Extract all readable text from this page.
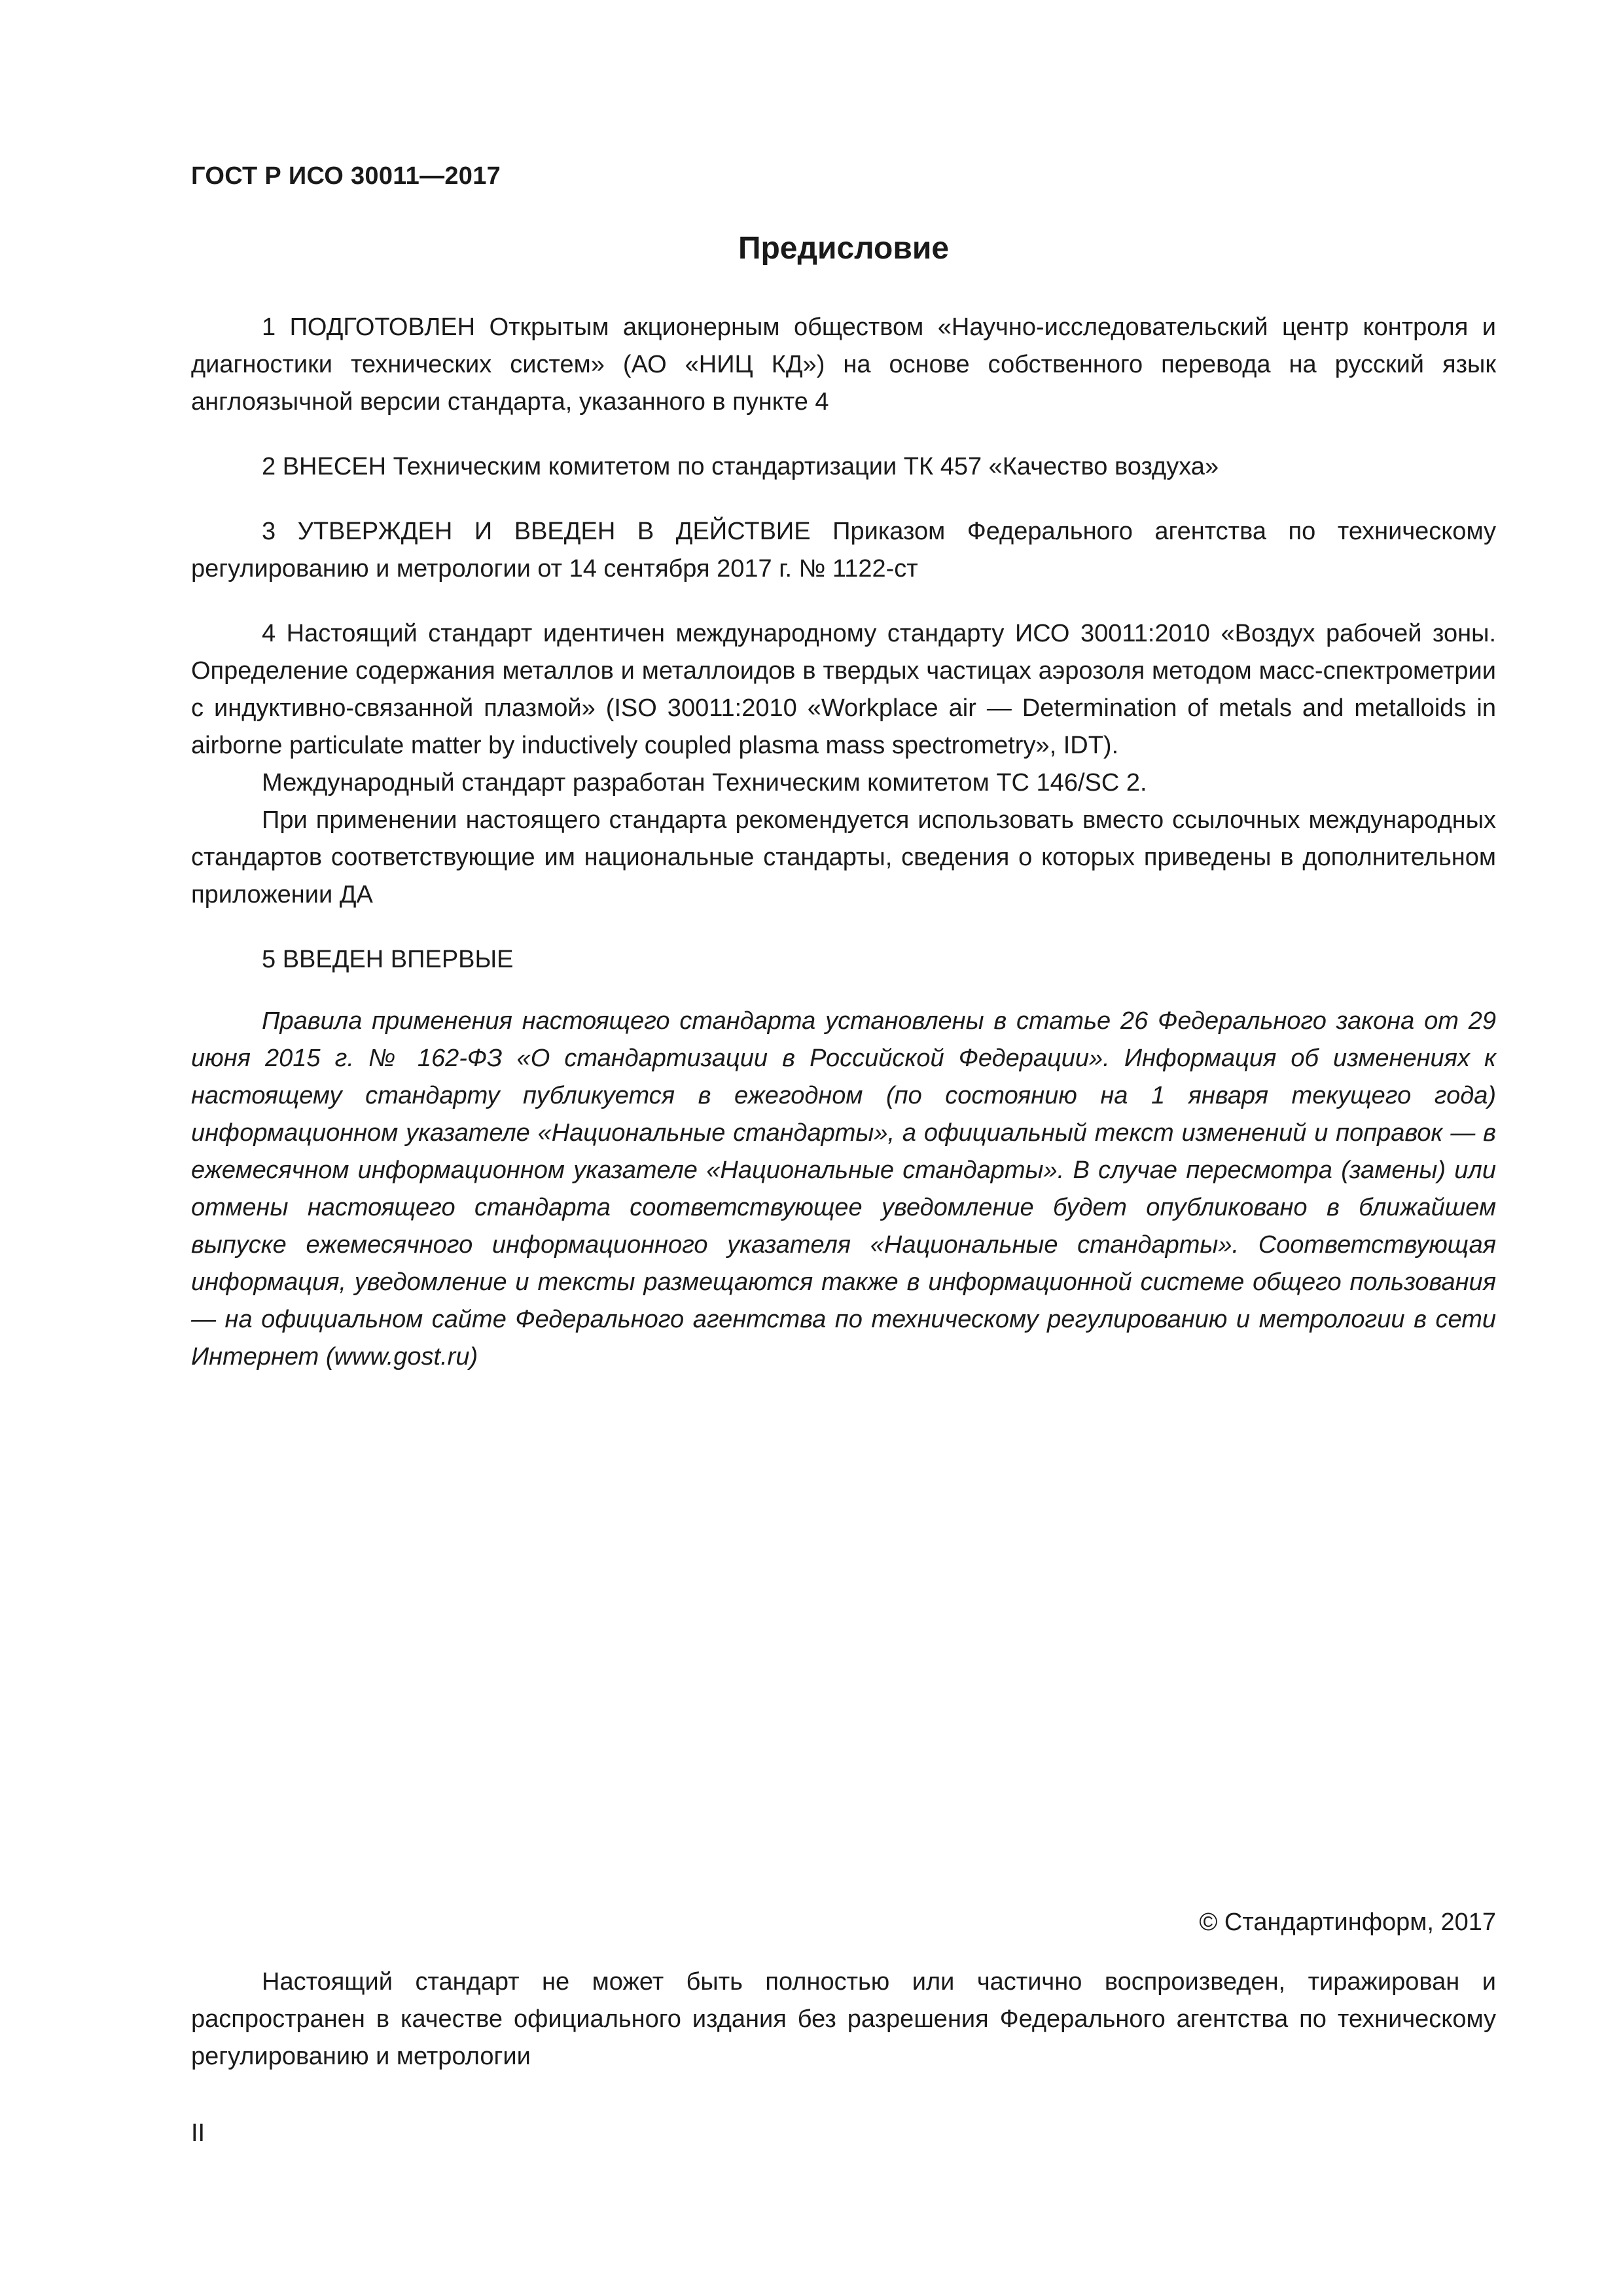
ГОСТ Р ИСО 30011—2017
Предисловие

1 ПОДГОТОВЛЕН Открытым акционерным обществом «Научно-исследовательский центр контроля и диагностики технических систем» (АО «НИЦ КД») на основе собственного перевода на русский язык англоязычной версии стандарта, указанного в пункте 4

2 ВНЕСЕН Техническим комитетом по стандартизации ТК 457 «Качество воздуха»

3 УТВЕРЖДЕН И ВВЕДЕН В ДЕЙСТВИЕ Приказом Федерального агентства по техническому регулированию и метрологии от 14 сентября 2017 г. № 1122-ст

4 Настоящий стандарт идентичен международному стандарту ИСО 30011:2010 «Воздух рабочей зоны. Определение содержания металлов и металлоидов в твердых частицах аэрозоля методом масс-спектрометрии с индуктивно-связанной плазмой» (ISO 30011:2010 «Workplace air — Determination of metals and metalloids in airborne particulate matter by inductively coupled plasma mass spectrometry», IDT).

Международный стандарт разработан Техническим комитетом ТС 146/SC 2.

При применении настоящего стандарта рекомендуется использовать вместо ссылочных международных стандартов соответствующие им национальные стандарты, сведения о которых приведены в дополнительном приложении ДА

5 ВВЕДЕН ВПЕРВЫЕ

Правила применения настоящего стандарта установлены в статье 26 Федерального закона от 29 июня 2015 г. № 162-ФЗ «О стандартизации в Российской Федерации». Информация об изменениях к настоящему стандарту публикуется в ежегодном (по состоянию на 1 января текущего года) информационном указателе «Национальные стандарты», а официальный текст изменений и поправок — в ежемесячном информационном указателе «Национальные стандарты». В случае пересмотра (замены) или отмены настоящего стандарта соответствующее уведомление будет опубликовано в ближайшем выпуске ежемесячного информационного указателя «Национальные стандарты». Соответствующая информация, уведомление и тексты размещаются также в информационной системе общего пользования — на официальном сайте Федерального агентства по техническому регулированию и метрологии в сети Интернет (www.gost.ru)

© Стандартинформ, 2017

Настоящий стандарт не может быть полностью или частично воспроизведен, тиражирован и распространен в качестве официального издания без разрешения Федерального агентства по техническому регулированию и метрологии

II
